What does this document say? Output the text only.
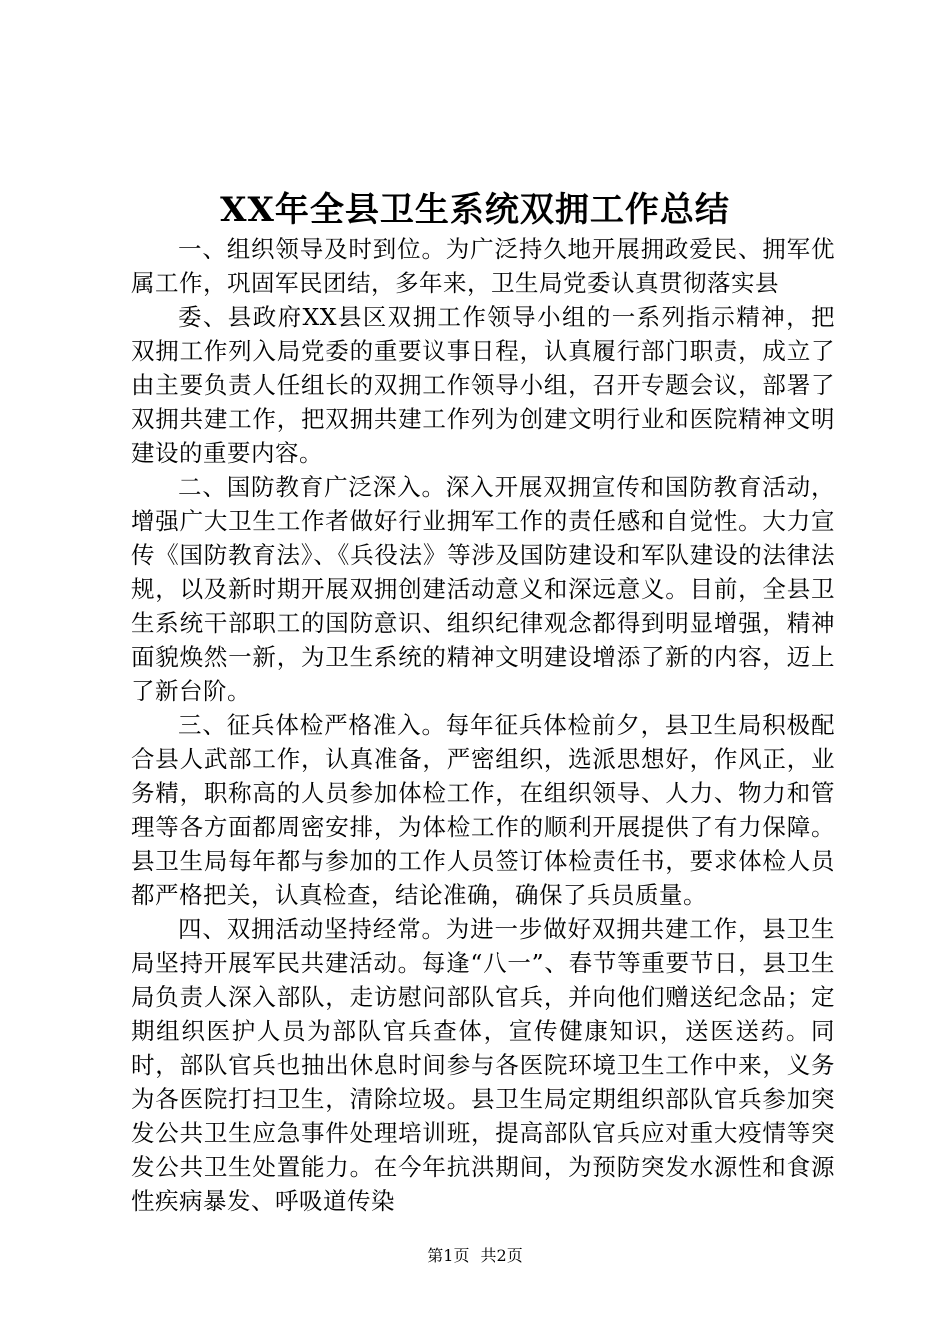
XX年全县卫生系统双拥工作总结

一、组织领导及时到位。为广泛持久地开展拥政爱民、拥军优属工作，巩固军民团结，多年来，卫生局党委认真贯彻落实县

委、县政府XX县区双拥工作领导小组的一系列指示精神，把双拥工作列入局党委的重要议事日程，认真履行部门职责，成立了由主要负责人任组长的双拥工作领导小组，召开专题会议，部署了双拥共建工作，把双拥共建工作列为创建文明行业和医院精神文明建设的重要内容。

二、国防教育广泛深入。深入开展双拥宣传和国防教育活动，增强广大卫生工作者做好行业拥军工作的责任感和自觉性。大力宣传《国防教育法》、《兵役法》等涉及国防建设和军队建设的法律法规，以及新时期开展双拥创建活动意义和深远意义。目前，全县卫生系统干部职工的国防意识、组织纪律观念都得到明显增强，精神面貌焕然一新，为卫生系统的精神文明建设增添了新的内容，迈上了新台阶。

三、征兵体检严格准入。每年征兵体检前夕，县卫生局积极配合县人武部工作，认真准备，严密组织，选派思想好，作风正，业务精，职称高的人员参加体检工作，在组织领导、人力、物力和管理等各方面都周密安排，为体检工作的顺利开展提供了有力保障。县卫生局每年都与参加的工作人员签订体检责任书，要求体检人员都严格把关，认真检查，结论准确，确保了兵员质量。

四、双拥活动坚持经常。为进一步做好双拥共建工作，县卫生局坚持开展军民共建活动。每逢“八一”、春节等重要节日，县卫生局负责人深入部队，走访慰问部队官兵，并向他们赠送纪念品；定期组织医护人员为部队官兵查体，宣传健康知识，送医送药。同时，部队官兵也抽出休息时间参与各医院环境卫生工作中来，义务为各医院打扫卫生，清除垃圾。县卫生局定期组织部队官兵参加突发公共卫生应急事件处理培训班，提高部队官兵应对重大疫情等突发公共卫生处置能力。在今年抗洪期间，为预防突发水源性和食源性疾病暴发、呼吸道传染

第1页 共2页
